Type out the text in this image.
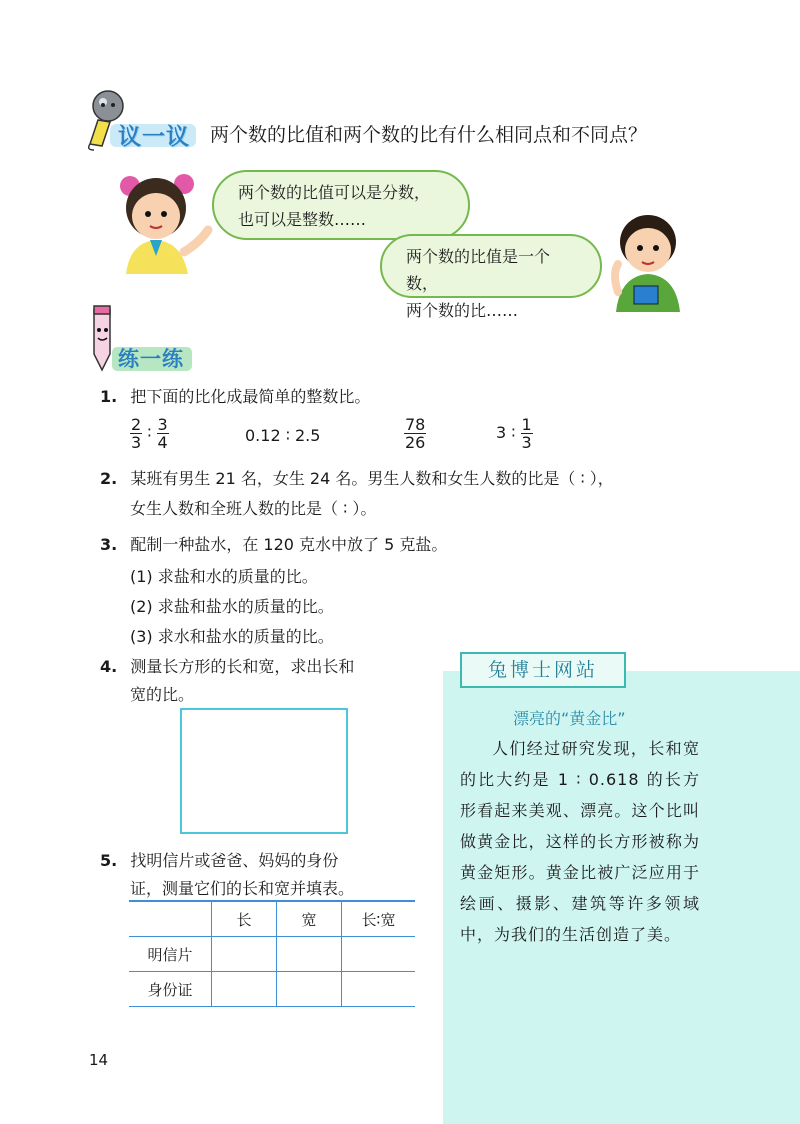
议一议 两个数的比值和两个数的比有什么相同点和不同点？
两个数的比值可以是分数，
也可以是整数……
两个数的比值是一个数，
两个数的比……
练一练
1. 把下面的比化成最简单的整数比。
$\frac{2}{3}$ ∶ $\frac{3}{4}$	0.12 ∶ 2.5	$\frac{78}{26}$	3 ∶ $\frac{1}{3}$
2. 某班有男生 21 名，女生 24 名。男生人数和女生人数的比是（ ∶ ），
女生人数和全班人数的比是（ ∶ ）。
3. 配制一种盐水，在 120 克水中放了 5 克盐。
(1) 求盐和水的质量的比。
(2) 求盐和盐水的质量的比。
(3) 求水和盐水的质量的比。
4. 测量长方形的长和宽，求出长和
宽的比。
5. 找明信片或爸爸、妈妈的身份
证，测量它们的长和宽并填表。
	长	宽	长∶宽
明信片			
身份证			
兔博士网站
漂亮的“黄金比”
人们经过研究发现，长和宽的比大约是 1 ∶ 0.618 的长方形看起来美观、漂亮。这个比叫做黄金比，这样的长方形被称为黄金矩形。黄金比被广泛应用于绘画、摄影、建筑等许多领域中，为我们的生活创造了美。
14
